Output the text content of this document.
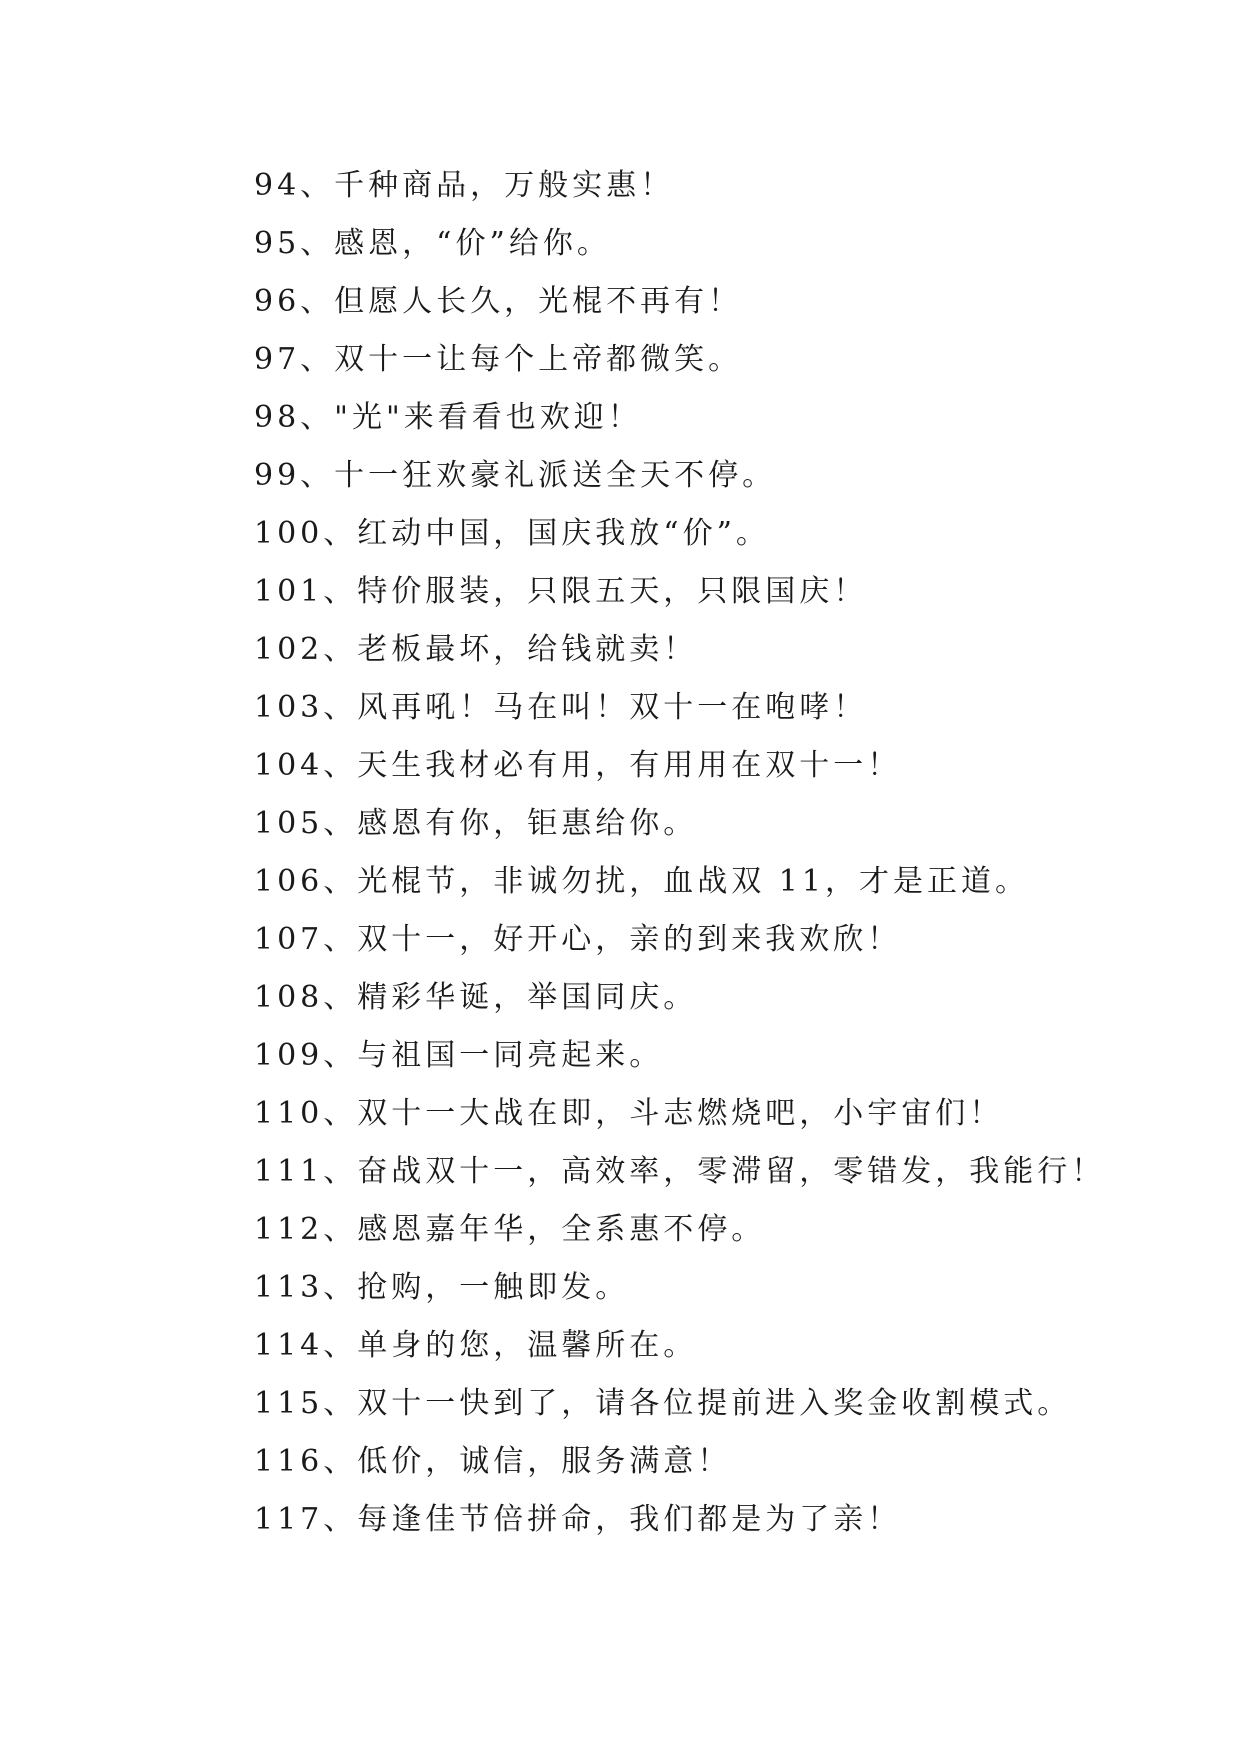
94、千种商品，万般实惠！
95、感恩，“价”给你。
96、但愿人长久，光棍不再有！
97、双十一让每个上帝都微笑。
98、"光"来看看也欢迎！
99、十一狂欢豪礼派送全天不停。
100、红动中国，国庆我放“价”。
101、特价服装，只限五天，只限国庆！
102、老板最坏，给钱就卖！
103、风再吼！马在叫！双十一在咆哮！
104、天生我材必有用，有用用在双十一！
105、感恩有你，钜惠给你。
106、光棍节，非诚勿扰，血战双 11，才是正道。
107、双十一，好开心，亲的到来我欢欣！
108、精彩华诞，举国同庆。
109、与祖国一同亮起来。
110、双十一大战在即，斗志燃烧吧，小宇宙们！
111、奋战双十一，高效率，零滞留，零错发，我能行！
112、感恩嘉年华，全系惠不停。
113、抢购，一触即发。
114、单身的您，温馨所在。
115、双十一快到了，请各位提前进入奖金收割模式。
116、低价，诚信，服务满意！
117、每逢佳节倍拼命，我们都是为了亲！
